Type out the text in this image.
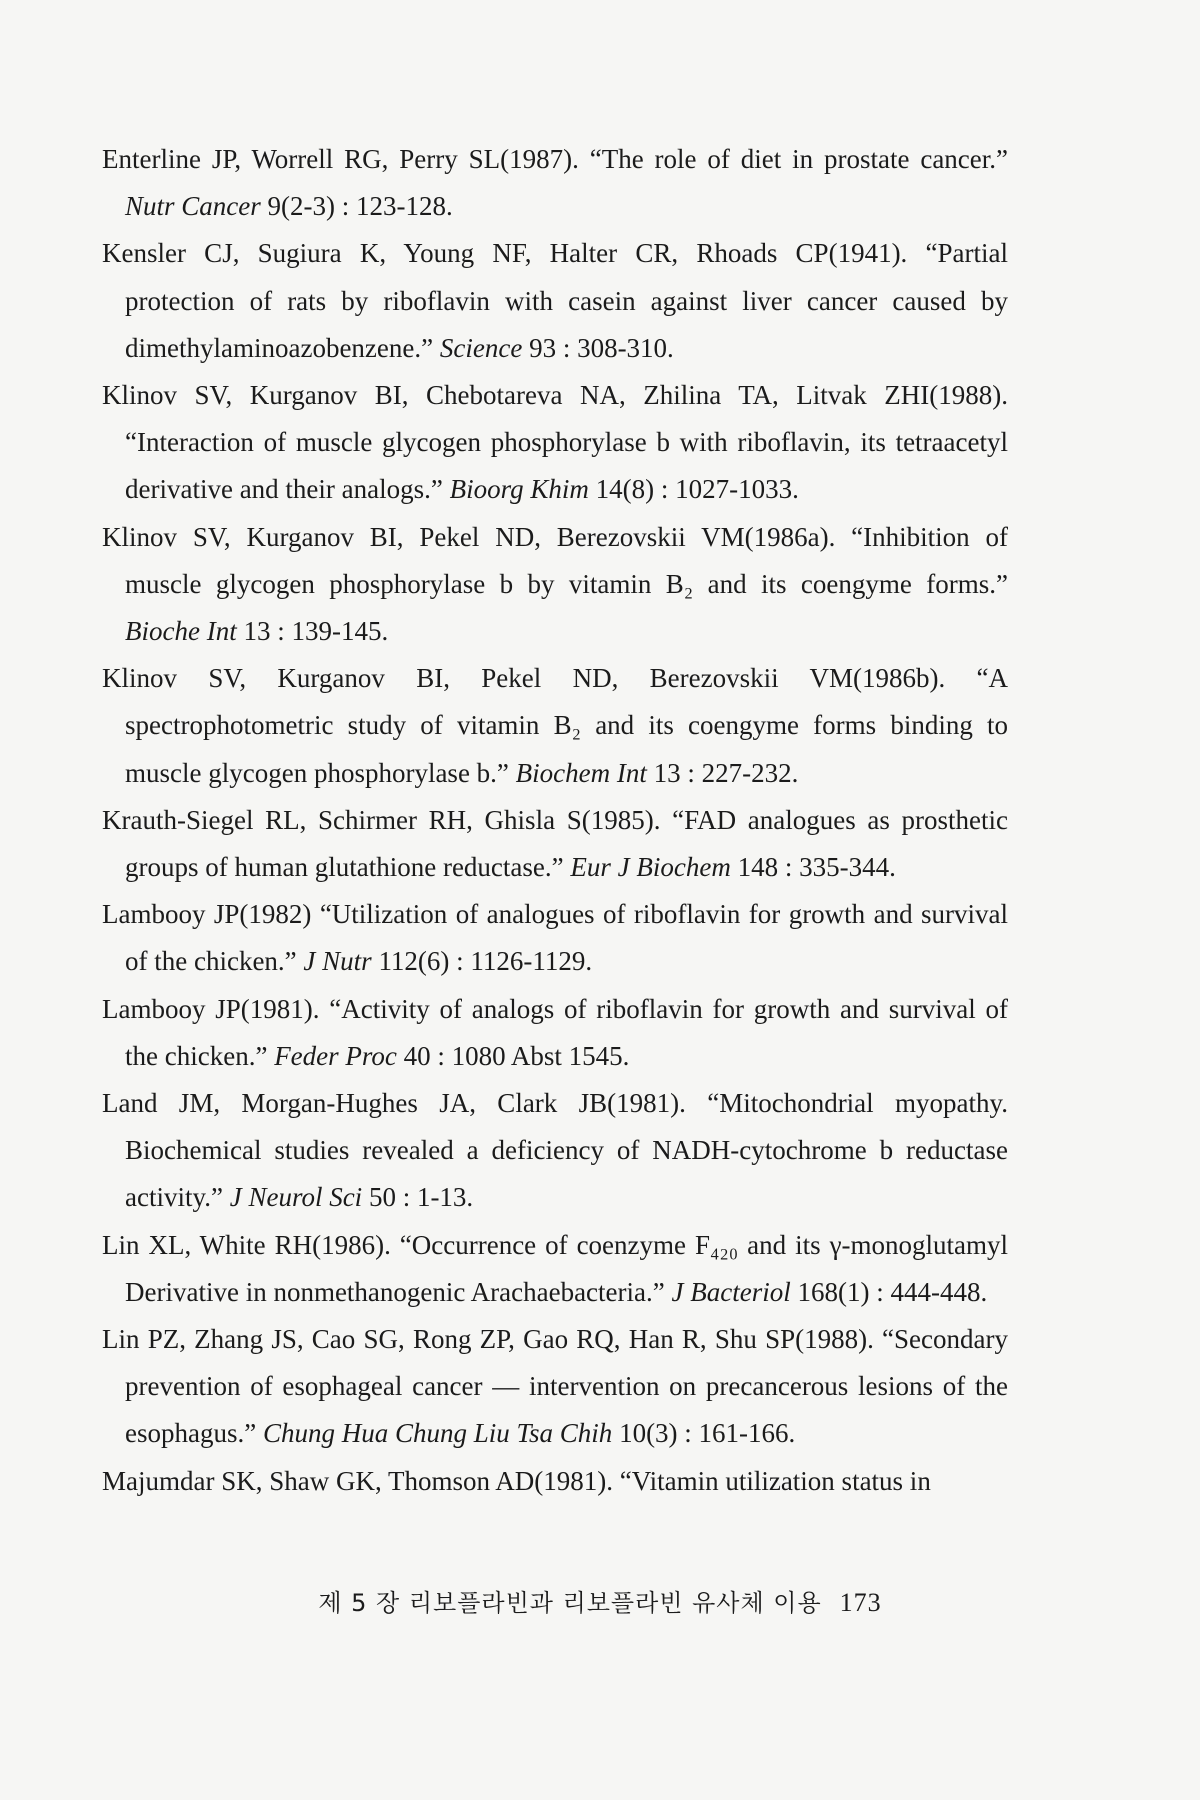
Enterline JP, Worrell RG, Perry SL(1987). “The role of diet in prostate cancer.” Nutr Cancer 9(2-3) : 123-128.

Kensler CJ, Sugiura K, Young NF, Halter CR, Rhoads CP(1941). “Partial protection of rats by riboflavin with casein against liver cancer caused by dimethylaminoazobenzene.” Science 93 : 308-310.

Klinov SV, Kurganov BI, Chebotareva NA, Zhilina TA, Litvak ZHI(1988). “Interaction of muscle glycogen phosphorylase b with riboflavin, its tetraacetyl derivative and their analogs.” Bioorg Khim 14(8) : 1027-1033.

Klinov SV, Kurganov BI, Pekel ND, Berezovskii VM(1986a). “Inhibition of muscle glycogen phosphorylase b by vitamin B₂ and its coengyme forms.” Bioche Int 13 : 139-145.

Klinov SV, Kurganov BI, Pekel ND, Berezovskii VM(1986b). “A spectrophotometric study of vitamin B₂ and its coengyme forms binding to muscle glycogen phosphorylase b.” Biochem Int 13 : 227-232.

Krauth-Siegel RL, Schirmer RH, Ghisla S(1985). “FAD analogues as prosthetic groups of human glutathione reductase.” Eur J Biochem 148 : 335-344.

Lambooy JP(1982) “Utilization of analogues of riboflavin for growth and survival of the chicken.” J Nutr 112(6) : 1126-1129.

Lambooy JP(1981). “Activity of analogs of riboflavin for growth and survival of the chicken.” Feder Proc 40 : 1080 Abst 1545.

Land JM, Morgan-Hughes JA, Clark JB(1981). “Mitochondrial myopathy. Biochemical studies revealed a deficiency of NADH-cytochrome b reductase activity.” J Neurol Sci 50 : 1-13.

Lin XL, White RH(1986). “Occurrence of coenzyme F₄₂₀ and its γ-monoglutamyl Derivative in nonmethanogenic Arachaebacteria.” J Bacteriol 168(1) : 444-448.

Lin PZ, Zhang JS, Cao SG, Rong ZP, Gao RQ, Han R, Shu SP(1988). “Secondary prevention of esophageal cancer — intervention on precancerous lesions of the esophagus.” Chung Hua Chung Liu Tsa Chih 10(3) : 161-166.

Majumdar SK, Shaw GK, Thomson AD(1981). “Vitamin utilization status in

제 5 장 리보플라빈과 리보플라빈 유사체 이용 173
